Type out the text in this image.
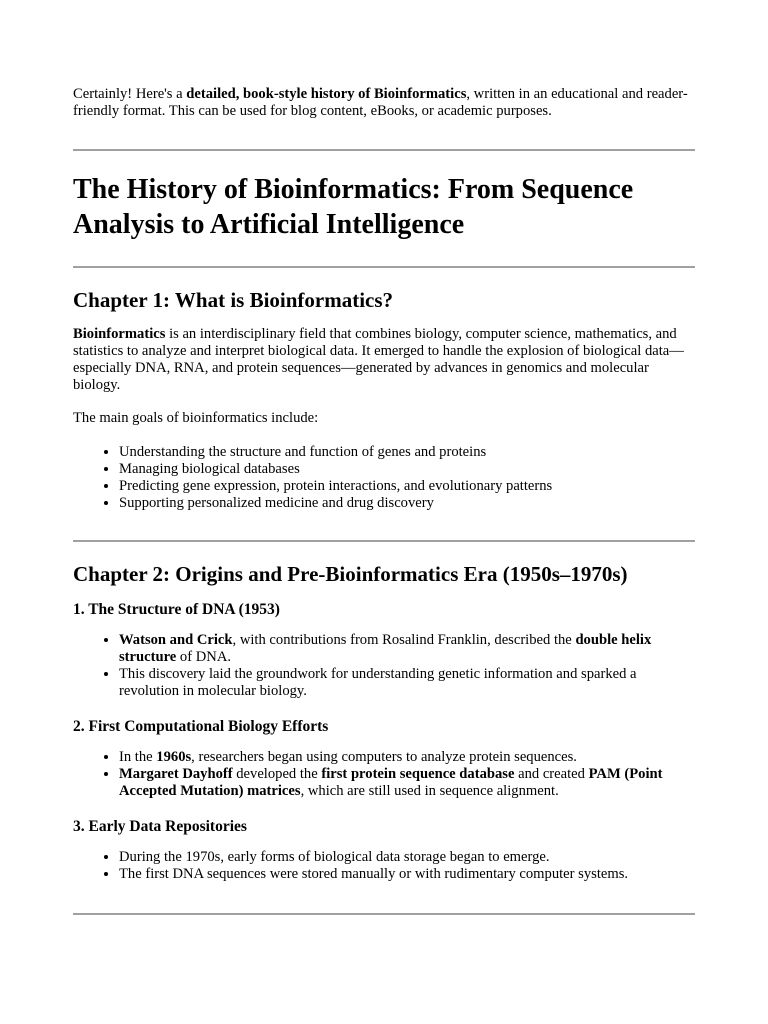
Certainly! Here's a detailed, book-style history of Bioinformatics, written in an educational and reader-friendly format. This can be used for blog content, eBooks, or academic purposes.

The History of Bioinformatics: From Sequence Analysis to Artificial Intelligence
Chapter 1: What is Bioinformatics?

Bioinformatics is an interdisciplinary field that combines biology, computer science, mathematics, and statistics to analyze and interpret biological data. It emerged to handle the explosion of biological data—especially DNA, RNA, and protein sequences—generated by advances in genomics and molecular biology.

The main goals of bioinformatics include:

• Understanding the structure and function of genes and proteins
• Managing biological databases
• Predicting gene expression, protein interactions, and evolutionary patterns
• Supporting personalized medicine and drug discovery
Chapter 2: Origins and Pre-Bioinformatics Era (1950s–1970s)
1. The Structure of DNA (1953)
• Watson and Crick, with contributions from Rosalind Franklin, described the double helix structure of DNA.
• This discovery laid the groundwork for understanding genetic information and sparked a revolution in molecular biology.
2. First Computational Biology Efforts
• In the 1960s, researchers began using computers to analyze protein sequences.
• Margaret Dayhoff developed the first protein sequence database and created PAM (Point Accepted Mutation) matrices, which are still used in sequence alignment.
3. Early Data Repositories
• During the 1970s, early forms of biological data storage began to emerge.
• The first DNA sequences were stored manually or with rudimentary computer systems.
